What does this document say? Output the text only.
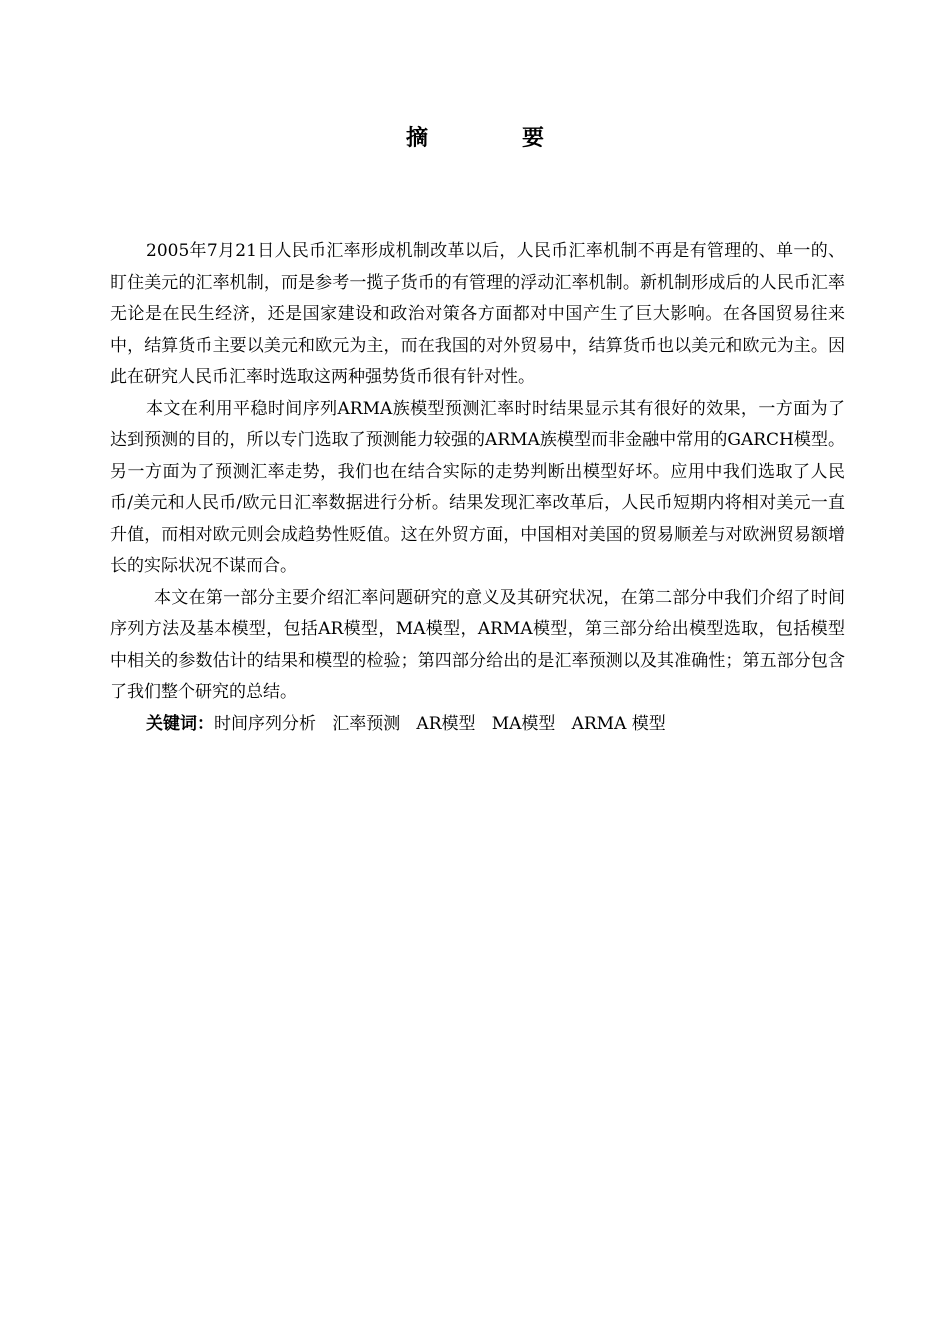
摘	要

2005年7月21日人民币汇率形成机制改革以后，人民币汇率机制不再是有管理的、单一的、盯住美元的汇率机制，而是参考一揽子货币的有管理的浮动汇率机制。新机制形成后的人民币汇率无论是在民生经济，还是国家建设和政治对策各方面都对中国产生了巨大影响。在各国贸易往来中，结算货币主要以美元和欧元为主，而在我国的对外贸易中，结算货币也以美元和欧元为主。因此在研究人民币汇率时选取这两种强势货币很有针对性。

本文在利用平稳时间序列ARMA族模型预测汇率时时结果显示其有很好的效果，一方面为了达到预测的目的，所以专门选取了预测能力较强的ARMA族模型而非金融中常用的GARCH模型。另一方面为了预测汇率走势，我们也在结合实际的走势判断出模型好坏。应用中我们选取了人民币/美元和人民币/欧元日汇率数据进行分析。结果发现汇率改革后，人民币短期内将相对美元一直升值，而相对欧元则会成趋势性贬值。这在外贸方面，中国相对美国的贸易顺差与对欧洲贸易额增长的实际状况不谋而合。

本文在第一部分主要介绍汇率问题研究的意义及其研究状况，在第二部分中我们介绍了时间序列方法及基本模型，包括AR模型，MA模型，ARMA模型，第三部分给出模型选取，包括模型中相关的参数估计的结果和模型的检验；第四部分给出的是汇率预测以及其准确性；第五部分包含了我们整个研究的总结。

关键词：时间序列分析   汇率预测   AR模型   MA模型   ARMA 模型
